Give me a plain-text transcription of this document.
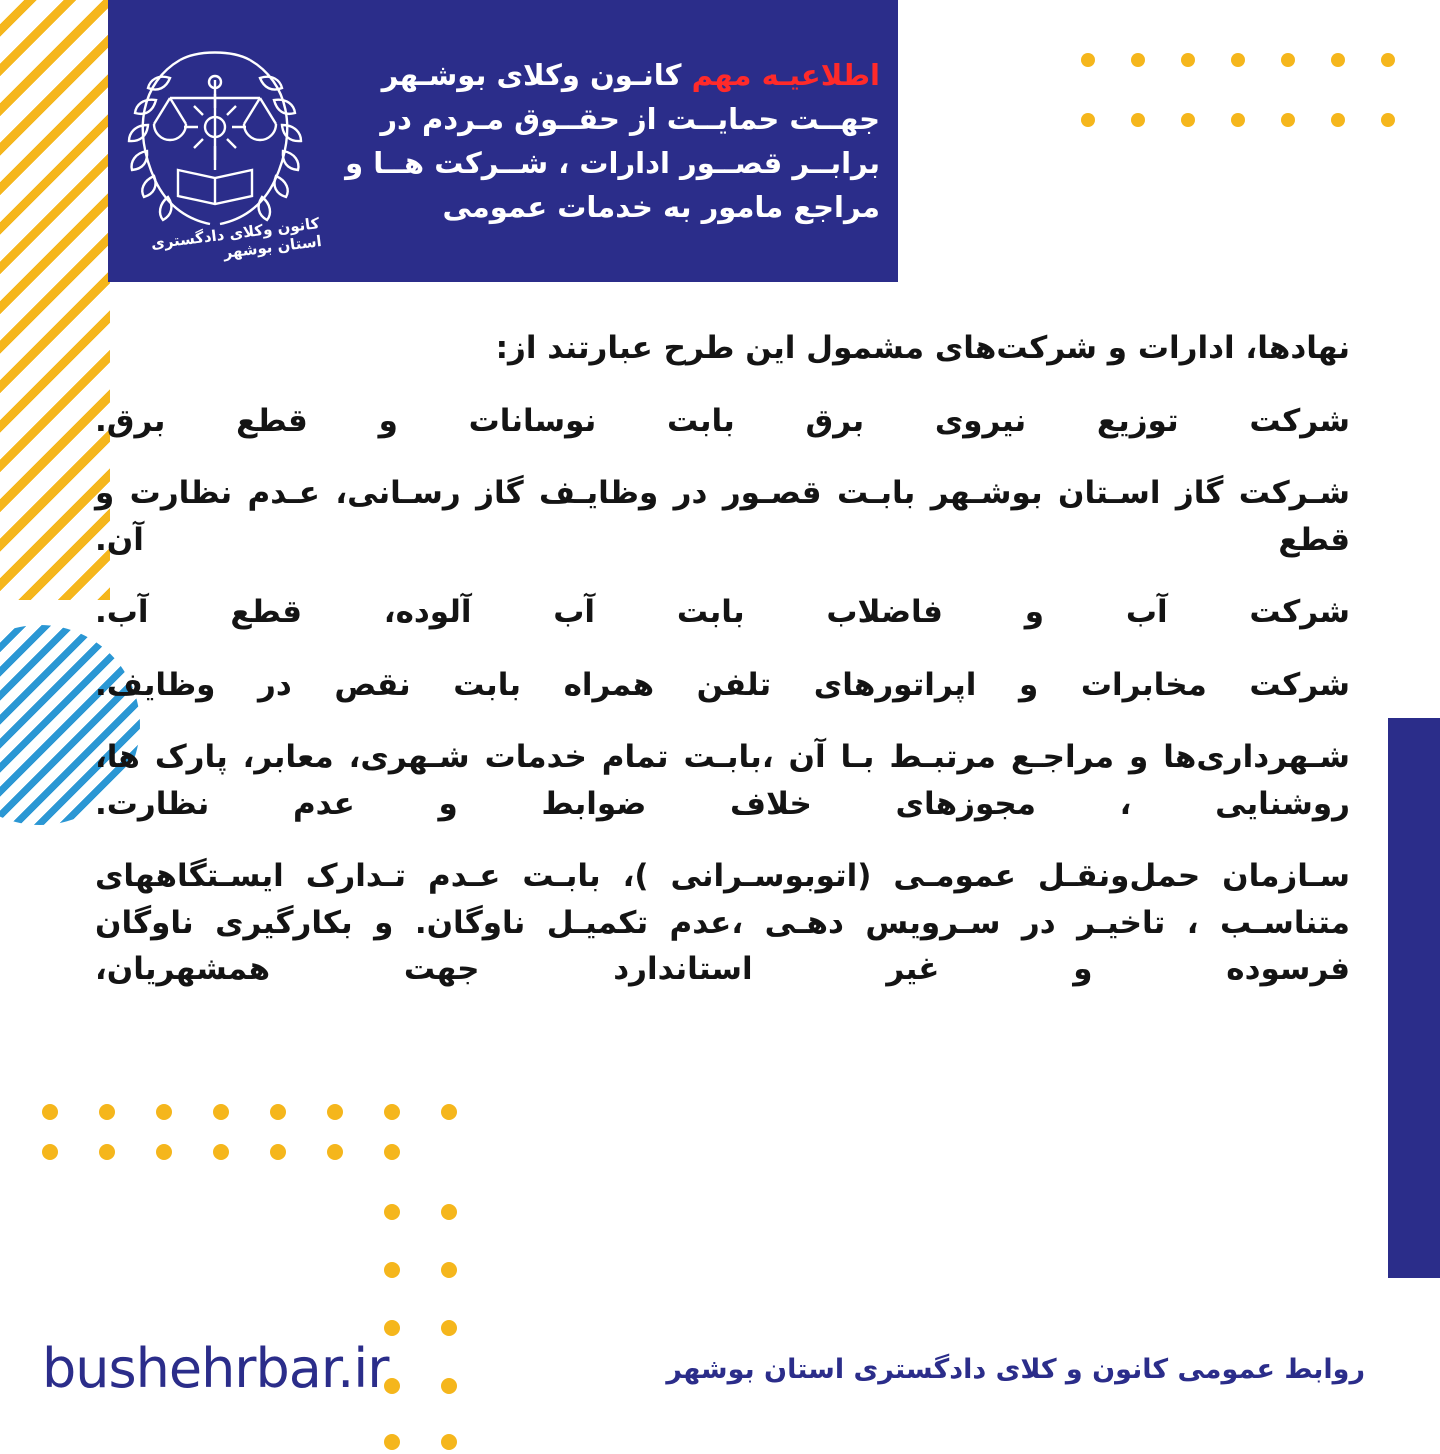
کانون وکلای دادگستری استان بوشهر
اطلاعیـه مهم کانـون وکلای بوشـهر
جهــت حمایــت از حقــوق مـردم در
برابــر قصــور ادارات ، شــرکت هــا و
مراجع مامور به خدمات عمومی

نهادها، ادارات و شرکت‌های مشمول این طرح عبارتند از:

شرکت توزیع نیروی برق بابت نوسانات و قطع برق.

شـرکت گاز اسـتان بوشـهر بابـت قصـور در وظایـف گاز رسـانی، عـدم نظارت و قطع آن.

شرکت آب و فاضلاب بابت آب آلوده، قطع آب.

شرکت مخابرات و اپراتورهای تلفن همراه بابت نقص در وظایف.

شـهرداری‌ها و مراجـع مرتبـط بـا آن ،بابـت تمام خدمات شـهری، معابر، پارک ها، روشنایی ، مجوزهای خلاف ضوابط و عدم نظارت.

سـازمان حمل‌ونقـل عمومـی (اتوبوسـرانی )، بابـت عـدم تـدارک ایسـتگاههای متناسـب ، تاخیـر در سـرویس دهـی ،عدم تکمیـل ناوگان. و بکارگیری ناوگان فرسوده و غیر استاندارد جهت همشهریان،

bushehrbar.ir	روابط عمومی کانون و کلای دادگستری استان بوشهر
